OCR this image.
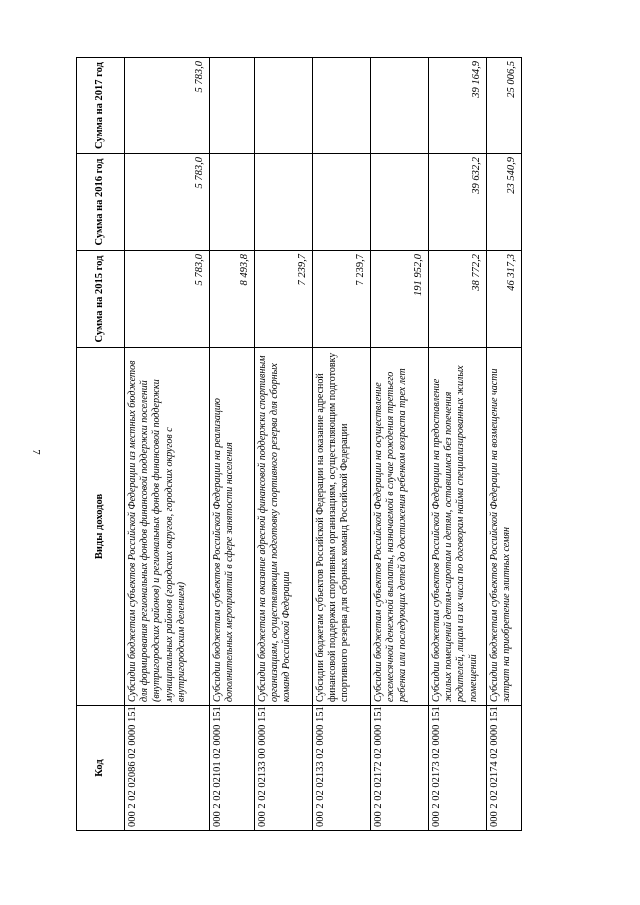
7
Код	Виды доходов	Сумма на 2015 год	Сумма на 2016 год	Сумма на 2017 год
000 2 02 02086 02 0000 151	Субсидии бюджетам субъектов Российской Федерации из местных бюджетов для формирования региональных фондов финансовой поддержки поселений (внутригородских районов) и региональных фондов финансовой поддержки муниципальных районов (городских округов, городских округов с внутригородским делением)	5 783,0	5 783,0	5 783,0
000 2 02 02101 02 0000 151	Субсидии бюджетам субъектов Российской Федерации на реализацию дополнительных мероприятий в сфере занятости населения	8 493,8		
000 2 02 02133 00 0000 151	Субсидии бюджетам на оказание адресной финансовой поддержки спортивным организациям, осуществляющим подготовку спортивного резерва для сборных команд Российской Федерации	7 239,7		
000 2 02 02133 02 0000 151	Субсидии бюджетам субъектов Российской Федерации на оказание адресной финансовой поддержки спортивным организациям, осуществляющим подготовку спортивного резерва для сборных команд Российской Федерации	7 239,7		
000 2 02 02172 02 0000 151	Субсидии бюджетам субъектов Российской Федерации на осуществление ежемесячной денежной выплаты, назначаемой в случае рождения третьего ребенка или последующих детей до достижения ребенком возраста трех лет	191 952,0		
000 2 02 02173 02 0000 151	Субсидии бюджетам субъектов Российской Федерации на предоставление жилых помещений детям-сиротам и детям, оставшимся без попечения родителей, лицам из их числа по договорам найма специализированных жилых помещений	38 772,2	39 632,2	39 164,9
000 2 02 02174 02 0000 151	Субсидии бюджетам субъектов Российской Федерации на возмещение части затрат на приобретение элитных семян	46 317,3	23 540,9	25 006,5
